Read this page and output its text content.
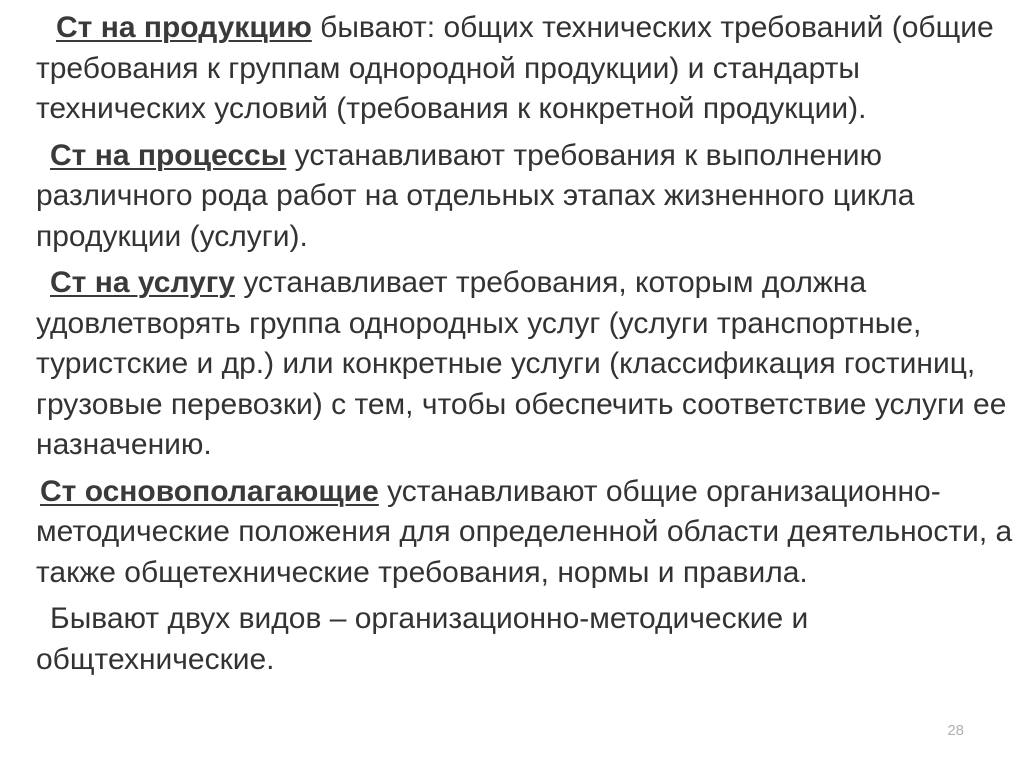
Ст на продукцию бывают: общих технических требований (общие требования к группам однородной продукции) и стандарты технических условий (требования к конкретной продукции).

Ст на процессы устанавливают требования к выполнению различного рода работ на отдельных этапах жизненного цикла продукции (услуги).

Ст на услугу устанавливает требования, которым должна удовлетворять группа однородных услуг (услуги транспортные, туристские и др.) или конкретные услуги (классификация гостиниц, грузовые перевозки) с тем, чтобы обеспечить соответствие услуги ее назначению.

Ст основополагающие устанавливают общие организационно-методические положения для определенной области деятельности, а также общетехнические требования, нормы и правила.

Бывают двух видов – организационно-методические и общтехнические.

28
